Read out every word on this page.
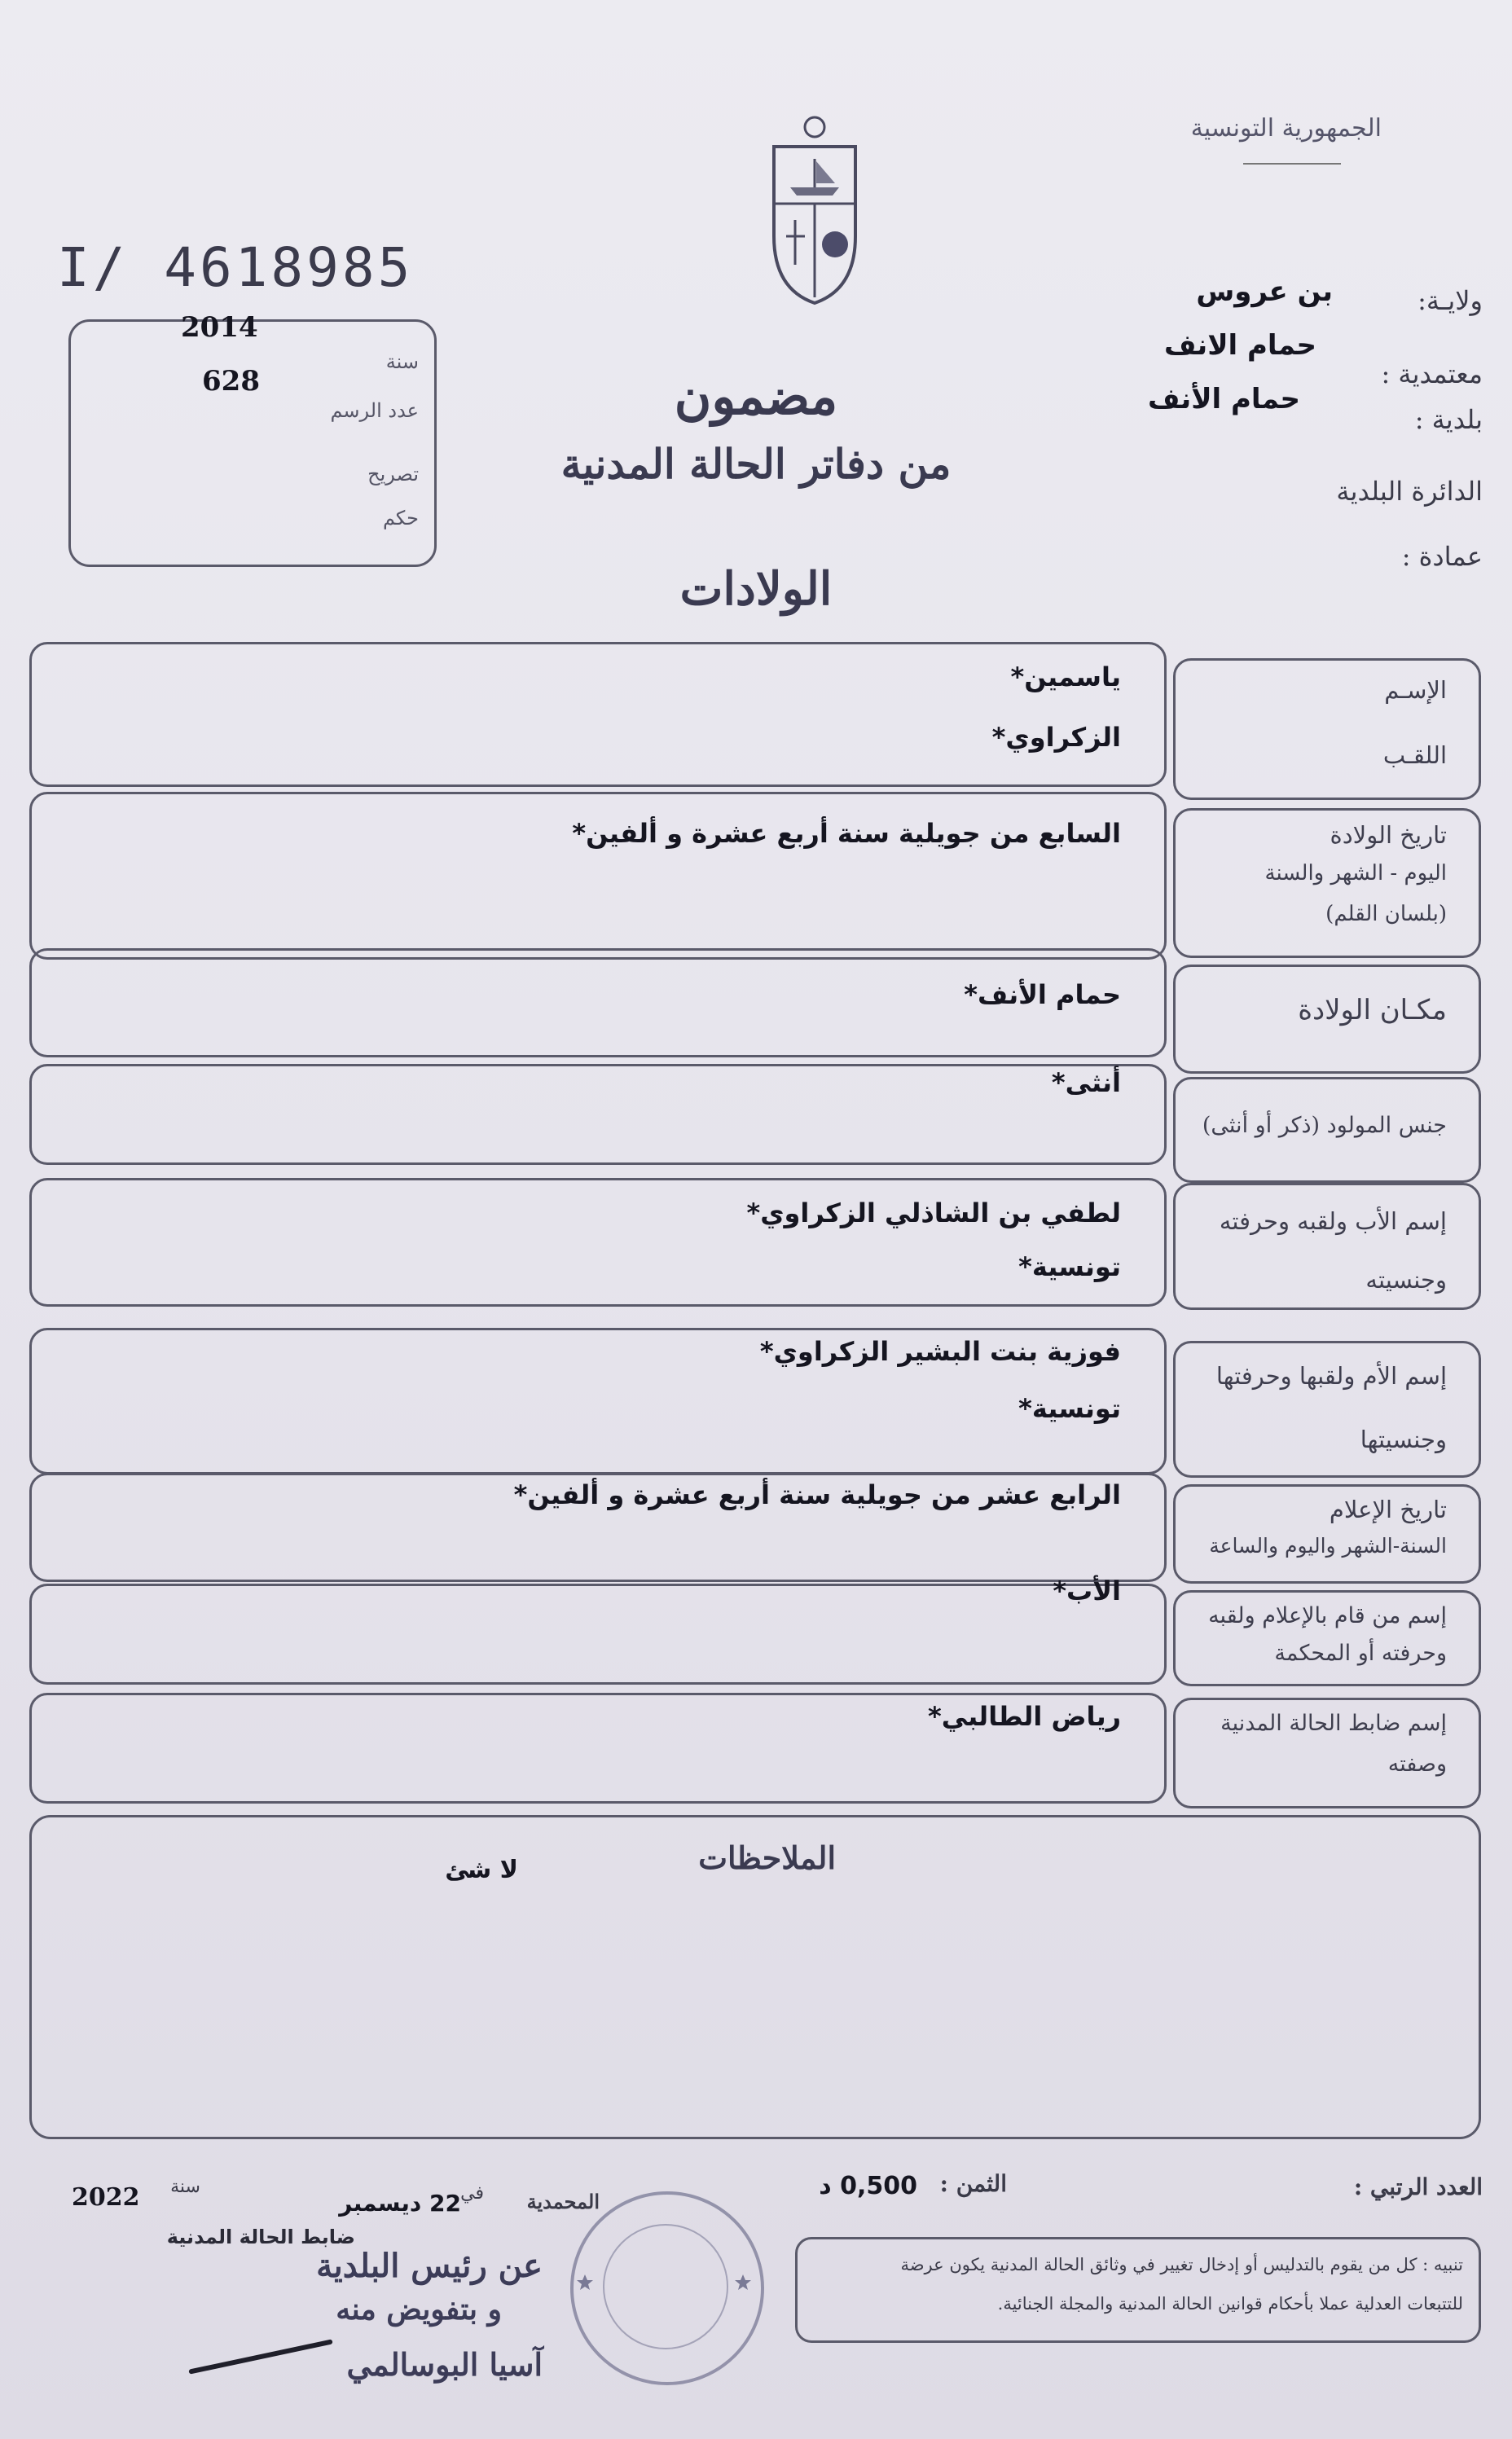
الجمهورية التونسية
I/ 4618985
ولايـة:
بن عروس
معتمدية :
حمام الانف
بلدية :
حمام الأنف
الدائرة البلدية
عمادة :
2014
سنة
628
عدد الرسم
تصريح
حكم
مضمون
من دفاتر الحالة المدنية
الولادات
الإسـم
اللقـب
ياسمين*
الزكراوي*
تاريخ الولادة
اليوم - الشهر والسنة
(بلسان القلم)
السابع من جويلية سنة أربع عشرة و ألفين*
مكـان الولادة
حمام الأنف*
جنس المولود (ذكر أو أنثى)
أنثى*
إسم الأب ولقبه وحرفته
وجنسيته
لطفي بن الشاذلي الزكراوي*
تونسية*
إسم الأم ولقبها وحرفتها
وجنسيتها
فوزية بنت البشير الزكراوي*
تونسية*
تاريخ الإعلام
السنة-الشهر واليوم والساعة
الرابع عشر من جويلية سنة أربع عشرة و ألفين*
إسم من قام بالإعلام ولقبه
وحرفته أو المحكمة
الأب*
إسم ضابط الحالة المدنية
وصفته
رياض الطالبي*
الملاحظات
لا شئ
العدد الرتبي :
الثمن :
0,500 د
المحمدية
في
22 ديسمبر
سنة
2022
تنبيه : كل من يقوم بالتدليس أو إدخال تغيير في وثائق الحالة المدنية يكون عرضة
للتتبعات العدلية عملا بأحكام قوانين الحالة المدنية والمجلة الجنائية.
ضابط الحالة المدنية
عن رئيس البلدية
و بتفويض منه
آسيا البوسالمي
